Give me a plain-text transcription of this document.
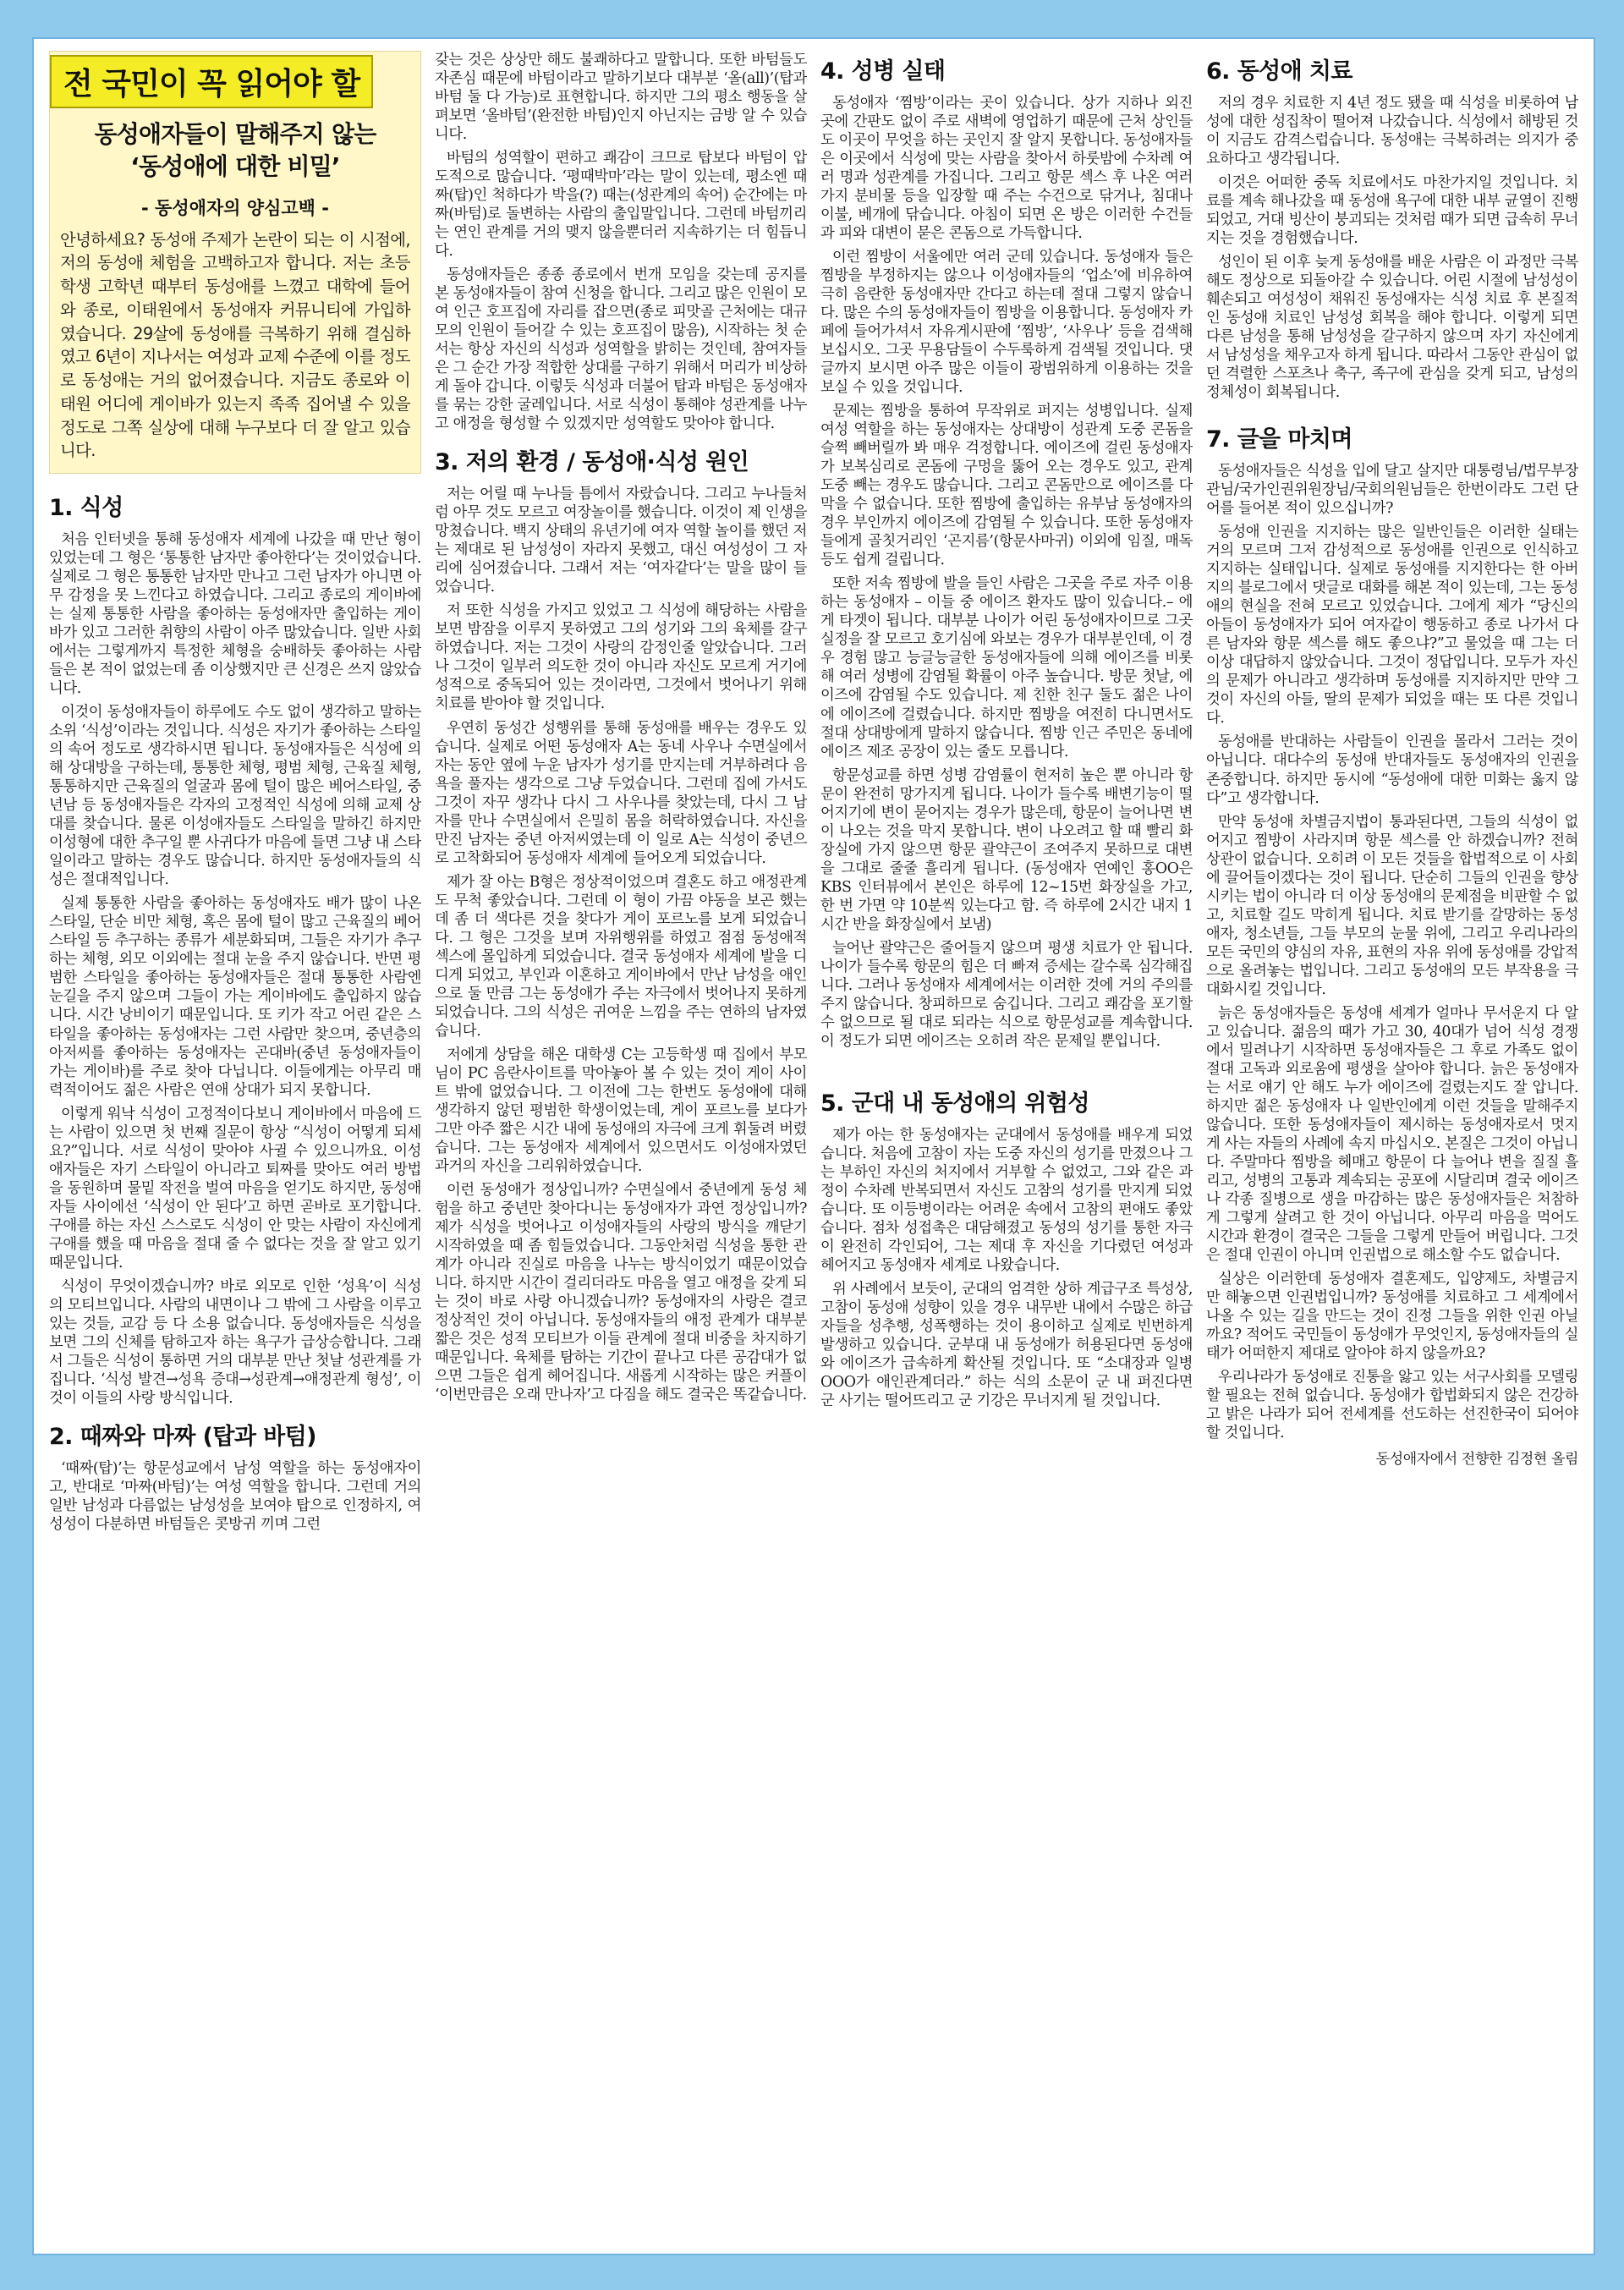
전 국민이 꼭 읽어야 할
동성애자들이 말해주지 않는
‘동성애에 대한 비밀’
- 동성애자의 양심고백 -
안녕하세요? 동성애 주제가 논란이 되는 이 시점에, 저의 동성애 체험을 고백하고자 합니다. 저는 초등학생 고학년 때부터 동성애를 느꼈고 대학에 들어와 종로, 이태원에서 동성애자 커뮤니티에 가입하였습니다. 29살에 동성애를 극복하기 위해 결심하였고 6년이 지나서는 여성과 교제 수준에 이를 정도로 동성애는 거의 없어졌습니다. 지금도 종로와 이태원 어디에 게이바가 있는지 족족 집어낼 수 있을 정도로 그쪽 실상에 대해 누구보다 더 잘 알고 있습니다.
1. 식성

처음 인터넷을 통해 동성애자 세계에 나갔을 때 만난 형이 있었는데 그 형은 ‘통통한 남자만 좋아한다’는 것이었습니다. 실제로 그 형은 통통한 남자만 만나고 그런 남자가 아니면 아무 감정을 못 느낀다고 하였습니다. 그리고 종로의 게이바에는 실제 통통한 사람을 좋아하는 동성애자만 출입하는 게이바가 있고 그러한 취향의 사람이 아주 많았습니다. 일반 사회에서는 그렇게까지 특정한 체형을 숭배하듯 좋아하는 사람들은 본 적이 없었는데 좀 이상했지만 큰 신경은 쓰지 않았습니다.

이것이 동성애자들이 하루에도 수도 없이 생각하고 말하는 소위 ‘식성’이라는 것입니다. 식성은 자기가 좋아하는 스타일의 속어 정도로 생각하시면 됩니다. 동성애자들은 식성에 의해 상대방을 구하는데, 통통한 체형, 평범 체형, 근육질 체형, 통통하지만 근육질의 얼굴과 몸에 털이 많은 베어스타일, 중년남 등 동성애자들은 각자의 고정적인 식성에 의해 교제 상대를 찾습니다. 물론 이성애자들도 스타일을 말하긴 하지만 이성형에 대한 추구일 뿐 사귀다가 마음에 들면 그냥 내 스타일이라고 말하는 경우도 많습니다. 하지만 동성애자들의 식성은 절대적입니다.

실제 통통한 사람을 좋아하는 동성애자도 배가 많이 나온 스타일, 단순 비만 체형, 혹은 몸에 털이 많고 근육질의 베어스타일 등 추구하는 종류가 세분화되며, 그들은 자기가 추구하는 체형, 외모 이외에는 절대 눈을 주지 않습니다. 반면 평범한 스타일을 좋아하는 동성애자들은 절대 통통한 사람엔 눈길을 주지 않으며 그들이 가는 게이바에도 출입하지 않습니다. 시간 낭비이기 때문입니다. 또 키가 작고 어린 같은 스타일을 좋아하는 동성애자는 그런 사람만 찾으며, 중년층의 아저씨를 좋아하는 동성애자는 곤대바(중년 동성애자들이 가는 게이바)를 주로 찾아 다닙니다. 이들에게는 아무리 매력적이어도 젊은 사람은 연애 상대가 되지 못합니다.

이렇게 워낙 식성이 고정적이다보니 게이바에서 마음에 드는 사람이 있으면 첫 번째 질문이 항상 “식성이 어떻게 되세요?”입니다. 서로 식성이 맞아야 사귈 수 있으니까요. 이성애자들은 자기 스타일이 아니라고 퇴짜를 맞아도 여러 방법을 동원하며 물밑 작전을 벌여 마음을 얻기도 하지만, 동성애자들 사이에선 ‘식성이 안 된다’고 하면 곧바로 포기합니다. 구애를 하는 자신 스스로도 식성이 안 맞는 사람이 자신에게 구애를 했을 때 마음을 절대 줄 수 없다는 것을 잘 알고 있기 때문입니다.

식성이 무엇이겠습니까? 바로 외모로 인한 ‘성욕’이 식성의 모티브입니다. 사람의 내면이나 그 밖에 그 사람을 이루고 있는 것들, 교감 등 다 소용 없습니다. 동성애자들은 식성을 보면 그의 신체를 탐하고자 하는 욕구가 급상승합니다. 그래서 그들은 식성이 통하면 거의 대부분 만난 첫날 성관계를 가집니다. ‘식성 발견→성욕 증대→성관계→애정관계 형성’, 이것이 이들의 사랑 방식입니다.

2. 때짜와 마짜 (탑과 바텀)

‘때짜(탑)’는 항문성교에서 남성 역할을 하는 동성애자이고, 반대로 ‘마짜(바텀)’는 여성 역할을 합니다. 그런데 거의 일반 남성과 다름없는 남성성을 보여야 탑으로 인정하지, 여성성이 다분하면 바텀들은 콧방귀 끼며 그런

갖는 것은 상상만 해도 불쾌하다고 말합니다. 또한 바텀들도 자존심 때문에 바텀이라고 말하기보다 대부분 ‘올(all)’(탑과 바텀 둘 다 가능)로 표현합니다. 하지만 그의 평소 행동을 살펴보면 ‘올바텀’(완전한 바텀)인지 아닌지는 금방 알 수 있습니다.

바텀의 성역할이 편하고 쾌감이 크므로 탑보다 바텀이 압도적으로 많습니다. ‘평때박마’라는 말이 있는데, 평소엔 때짜(탑)인 척하다가 박을(?) 때는(성관계의 속어) 순간에는 마짜(바텀)로 돌변하는 사람의 출입말입니다. 그런데 바텀끼리는 연인 관계를 거의 맺지 않을뿐더러 지속하기는 더 힘듭니다.

동성애자들은 종종 종로에서 번개 모임을 갖는데 공지를 본 동성애자들이 참여 신청을 합니다. 그리고 많은 인원이 모여 인근 호프집에 자리를 잡으면(종로 피맛골 근처에는 대규모의 인원이 들어갈 수 있는 호프집이 많음), 시작하는 첫 순서는 항상 자신의 식성과 성역할을 밝히는 것인데, 참여자들은 그 순간 가장 적합한 상대를 구하기 위해서 머리가 비상하게 돌아 갑니다. 이렇듯 식성과 더불어 탑과 바텀은 동성애자를 묶는 강한 굴레입니다. 서로 식성이 통해야 성관계를 나누고 애정을 형성할 수 있겠지만 성역할도 맞아야 합니다.

3. 저의 환경 / 동성애·식성 원인

저는 어릴 때 누나들 틈에서 자랐습니다. 그리고 누나들처럼 아무 것도 모르고 여장놀이를 했습니다. 이것이 제 인생을 망쳤습니다. 백지 상태의 유년기에 여자 역할 놀이를 했던 저는 제대로 된 남성성이 자라지 못했고, 대신 여성성이 그 자리에 심어졌습니다. 그래서 저는 ‘여자같다’는 말을 많이 들었습니다.

저 또한 식성을 가지고 있었고 그 식성에 해당하는 사람을 보면 밤잠을 이루지 못하였고 그의 성기와 그의 육체를 갈구하였습니다. 저는 그것이 사랑의 감정인줄 알았습니다. 그러나 그것이 일부러 의도한 것이 아니라 자신도 모르게 거기에 성적으로 중독되어 있는 것이라면, 그것에서 벗어나기 위해 치료를 받아야 할 것입니다.

우연히 동성간 성행위를 통해 동성애를 배우는 경우도 있습니다. 실제로 어떤 동성애자 A는 동네 사우나 수면실에서 자는 동안 옆에 누운 남자가 성기를 만지는데 거부하려다 음욕을 풀자는 생각으로 그냥 두었습니다. 그런데 집에 가서도 그것이 자꾸 생각나 다시 그 사우나를 찾았는데, 다시 그 남자를 만나 수면실에서 은밀히 몸을 허락하였습니다. 자신을 만진 남자는 중년 아저씨였는데 이 일로 A는 식성이 중년으로 고착화되어 동성애자 세계에 들어오게 되었습니다.

제가 잘 아는 B형은 정상적이었으며 결혼도 하고 애정관계도 무척 좋았습니다. 그런데 이 형이 가끔 야동을 보곤 했는데 좀 더 색다른 것을 찾다가 게이 포르노를 보게 되었습니다. 그 형은 그것을 보며 자위행위를 하였고 점점 동성애적 섹스에 몰입하게 되었습니다. 결국 동성애자 세계에 발을 디디게 되었고, 부인과 이혼하고 게이바에서 만난 남성을 애인으로 둘 만큼 그는 동성애가 주는 자극에서 벗어나지 못하게 되었습니다. 그의 식성은 귀여운 느낌을 주는 연하의 남자였습니다.

저에게 상담을 해온 대학생 C는 고등학생 때 집에서 부모님이 PC 음란사이트를 막아놓아 볼 수 있는 것이 게이 사이트 밖에 없었습니다. 그 이전에 그는 한번도 동성애에 대해 생각하지 않던 평범한 학생이었는데, 게이 포르노를 보다가 그만 아주 짧은 시간 내에 동성애의 자극에 크게 휘둘려 버렸습니다. 그는 동성애자 세계에서 있으면서도 이성애자였던 과거의 자신을 그리워하였습니다.

이런 동성애가 정상입니까? 수면실에서 중년에게 동성 체험을 하고 중년만 찾아다니는 동성애자가 과연 정상입니까? 제가 식성을 벗어나고 이성애자들의 사랑의 방식을 깨닫기 시작하였을 때 좀 힘들었습니다. 그동안처럼 식성을 통한 관계가 아니라 진실로 마음을 나누는 방식이었기 때문이었습니다. 하지만 시간이 걸리더라도 마음을 열고 애정을 갖게 되는 것이 바로 사랑 아니겠습니까? 동성애자의 사랑은 결코 정상적인 것이 아닙니다. 동성애자들의 애정 관계가 대부분 짧은 것은 성적 모티브가 이들 관계에 절대 비중을 차지하기 때문입니다. 육체를 탐하는 기간이 끝나고 다른 공감대가 없으면 그들은 쉽게 헤어집니다. 새롭게 시작하는 많은 커플이 ‘이번만큼은 오래 만나자’고 다짐을 해도 결국은 똑같습니다.

4. 성병 실태

동성애자 ‘찜방’이라는 곳이 있습니다. 상가 지하나 외진 곳에 간판도 없이 주로 새벽에 영업하기 때문에 근처 상인들도 이곳이 무엇을 하는 곳인지 잘 알지 못합니다. 동성애자들은 이곳에서 식성에 맞는 사람을 찾아서 하룻밤에 수차례 여러 명과 성관계를 가집니다. 그리고 항문 섹스 후 나온 여러 가지 분비물 등을 입장할 때 주는 수건으로 닦거나, 침대나 이불, 베개에 닦습니다. 아침이 되면 온 방은 이러한 수건들과 피와 대변이 묻은 콘돔으로 가득합니다.

이런 찜방이 서울에만 여러 군데 있습니다. 동성애자 들은 찜방을 부정하지는 않으나 이성애자들의 ‘업소’에 비유하여 극히 음란한 동성애자만 간다고 하는데 절대 그렇지 않습니다. 많은 수의 동성애자들이 찜방을 이용합니다. 동성애자 카페에 들어가셔서 자유게시판에 ‘찜방’, ‘사우나’ 등을 검색해 보십시오. 그곳 무용담들이 수두룩하게 검색될 것입니다. 댓글까지 보시면 아주 많은 이들이 광범위하게 이용하는 것을 보실 수 있을 것입니다.

문제는 찜방을 통하여 무작위로 퍼지는 성병입니다. 실제 여성 역할을 하는 동성애자는 상대방이 성관계 도중 콘돔을 슬쩍 빼버릴까 봐 매우 걱정합니다. 에이즈에 걸린 동성애자가 보복심리로 콘돔에 구멍을 뚫어 오는 경우도 있고, 관계 도중 빼는 경우도 많습니다. 그리고 콘돔만으로 에이즈를 다 막을 수 없습니다. 또한 찜방에 출입하는 유부남 동성애자의 경우 부인까지 에이즈에 감염될 수 있습니다. 또한 동성애자들에게 골칫거리인 ‘곤지름’(항문사마귀) 이외에 임질, 매독 등도 쉽게 걸립니다.

또한 저속 찜방에 발을 들인 사람은 그곳을 주로 자주 이용하는 동성애자 – 이들 중 에이즈 환자도 많이 있습니다.– 에게 타겟이 됩니다. 대부분 나이가 어린 동성애자이므로 그곳 실정을 잘 모르고 호기심에 와보는 경우가 대부분인데, 이 경우 경험 많고 능글능글한 동성애자들에 의해 에이즈를 비롯해 여러 성병에 감염될 확률이 아주 높습니다. 방문 첫날, 에이즈에 감염될 수도 있습니다. 제 친한 친구 둘도 젊은 나이에 에이즈에 걸렸습니다. 하지만 찜방을 여전히 다니면서도 절대 상대방에게 말하지 않습니다. 찜방 인근 주민은 동네에 에이즈 제조 공장이 있는 줄도 모릅니다.

항문성교를 하면 성병 감염률이 현저히 높은 뿐 아니라 항문이 완전히 망가지게 됩니다. 나이가 들수록 배변기능이 떨어지기에 변이 묻어지는 경우가 많은데, 항문이 늘어나면 변이 나오는 것을 막지 못합니다. 변이 나오려고 할 때 빨리 화장실에 가지 않으면 항문 괄약근이 조여주지 못하므로 대변을 그대로 줄줄 흘리게 됩니다. (동성애자 연예인 홍OO은 KBS 인터뷰에서 본인은 하루에 12~15번 화장실을 가고, 한 번 가면 약 10분씩 있는다고 함. 즉 하루에 2시간 내지 1시간 반을 화장실에서 보냄)

늘어난 괄약근은 줄어들지 않으며 평생 치료가 안 됩니다. 나이가 들수록 항문의 힘은 더 빠져 증세는 갈수록 심각해집니다. 그러나 동성애자 세계에서는 이러한 것에 거의 주의를 주지 않습니다. 창피하므로 숨깁니다. 그리고 쾌감을 포기할 수 없으므로 될 대로 되라는 식으로 항문성교를 계속합니다. 이 정도가 되면 에이즈는 오히려 작은 문제일 뿐입니다.

5. 군대 내 동성애의 위험성

제가 아는 한 동성애자는 군대에서 동성애를 배우게 되었습니다. 처음에 고참이 자는 도중 자신의 성기를 만졌으나 그는 부하인 자신의 처지에서 거부할 수 없었고, 그와 같은 과정이 수차례 반복되면서 자신도 고참의 성기를 만지게 되었습니다. 또 이등병이라는 어려운 속에서 고참의 편애도 좋았습니다. 점차 성접촉은 대담해졌고 동성의 성기를 통한 자극이 완전히 각인되어, 그는 제대 후 자신을 기다렸던 여성과 헤어지고 동성애자 세계로 나왔습니다.

위 사례에서 보듯이, 군대의 엄격한 상하 계급구조 특성상, 고참이 동성애 성향이 있을 경우 내무반 내에서 수많은 하급자들을 성추행, 성폭행하는 것이 용이하고 실제로 빈번하게 발생하고 있습니다. 군부대 내 동성애가 허용된다면 동성애와 에이즈가 급속하게 확산될 것입니다. 또 “소대장과 일병 OOO가 애인관계더라.” 하는 식의 소문이 군 내 퍼진다면 군 사기는 떨어뜨리고 군 기강은 무너지게 될 것입니다.

6. 동성애 치료

저의 경우 치료한 지 4년 정도 됐을 때 식성을 비롯하여 남성에 대한 성집착이 떨어져 나갔습니다. 식성에서 해방된 것이 지금도 감격스럽습니다. 동성애는 극복하려는 의지가 중요하다고 생각됩니다.

이것은 어떠한 중독 치료에서도 마찬가지일 것입니다. 치료를 계속 해나갔을 때 동성애 욕구에 대한 내부 균열이 진행되었고, 거대 빙산이 붕괴되는 것처럼 때가 되면 급속히 무너지는 것을 경험했습니다.

성인이 된 이후 늦게 동성애를 배운 사람은 이 과정만 극복해도 정상으로 되돌아갈 수 있습니다. 어린 시절에 남성성이 훼손되고 여성성이 채워진 동성애자는 식성 치료 후 본질적인 동성애 치료인 남성성 회복을 해야 합니다. 이렇게 되면 다른 남성을 통해 남성성을 갈구하지 않으며 자기 자신에게서 남성성을 채우고자 하게 됩니다. 따라서 그동안 관심이 없던 격렬한 스포츠나 축구, 족구에 관심을 갖게 되고, 남성의 정체성이 회복됩니다.

7. 글을 마치며

동성애자들은 식성을 입에 달고 살지만 대통령님/법무부장관님/국가인권위원장님/국회의원님들은 한번이라도 그런 단어를 들어본 적이 있으십니까?

동성애 인권을 지지하는 많은 일반인들은 이러한 실태는 거의 모르며 그저 감성적으로 동성애를 인권으로 인식하고 지지하는 실태입니다. 실제로 동성애를 지지한다는 한 아버지의 블로그에서 댓글로 대화를 해본 적이 있는데, 그는 동성애의 현실을 전혀 모르고 있었습니다. 그에게 제가 “당신의 아들이 동성애자가 되어 여자같이 행동하고 종로 나가서 다른 남자와 항문 섹스를 해도 좋으냐?”고 물었을 때 그는 더 이상 대답하지 않았습니다. 그것이 정답입니다. 모두가 자신의 문제가 아니라고 생각하며 동성애를 지지하지만 만약 그것이 자신의 아들, 딸의 문제가 되었을 때는 또 다른 것입니다.

동성애를 반대하는 사람들이 인권을 몰라서 그러는 것이 아닙니다. 대다수의 동성애 반대자들도 동성애자의 인권을 존중합니다. 하지만 동시에 “동성애에 대한 미화는 옳지 않다”고 생각합니다.

만약 동성애 차별금지법이 통과된다면, 그들의 식성이 없어지고 찜방이 사라지며 항문 섹스를 안 하겠습니까? 전혀 상관이 없습니다. 오히려 이 모든 것들을 합법적으로 이 사회에 끌어들이겠다는 것이 됩니다. 단순히 그들의 인권을 향상시키는 법이 아니라 더 이상 동성애의 문제점을 비판할 수 없고, 치료할 길도 막히게 됩니다. 치료 받기를 갈망하는 동성애자, 청소년들, 그들 부모의 눈물 위에, 그리고 우리나라의 모든 국민의 양심의 자유, 표현의 자유 위에 동성애를 강압적으로 올려놓는 법입니다. 그리고 동성애의 모든 부작용을 극대화시킬 것입니다.

늙은 동성애자들은 동성애 세계가 얼마나 무서운지 다 알고 있습니다. 젊음의 때가 가고 30, 40대가 넘어 식성 경쟁에서 밀려나기 시작하면 동성애자들은 그 후로 가족도 없이 절대 고독과 외로움에 평생을 살아야 합니다. 늙은 동성애자는 서로 얘기 안 해도 누가 에이즈에 걸렸는지도 잘 압니다. 하지만 젊은 동성애자 나 일반인에게 이런 것들을 말해주지 않습니다. 또한 동성애자들이 제시하는 동성애자로서 멋지게 사는 자들의 사례에 속지 마십시오. 본질은 그것이 아닙니다. 주말마다 찜방을 헤매고 항문이 다 늘어나 변을 질질 흘리고, 성병의 고통과 계속되는 공포에 시달리며 결국 에이즈나 각종 질병으로 생을 마감하는 많은 동성애자들은 처참하게 그렇게 살려고 한 것이 아닙니다. 아무리 마음을 먹어도 시간과 환경이 결국은 그들을 그렇게 만들어 버립니다. 그것은 절대 인권이 아니며 인권법으로 해소할 수도 없습니다.

실상은 이러한데 동성애자 결혼제도, 입양제도, 차별금지 만 해놓으면 인권법입니까? 동성애를 치료하고 그 세계에서 나올 수 있는 길을 만드는 것이 진정 그들을 위한 인권 아닐까요? 적어도 국민들이 동성애가 무엇인지, 동성애자들의 실태가 어떠한지 제대로 알아야 하지 않을까요?

우리나라가 동성애로 진통을 앓고 있는 서구사회를 모델링할 필요는 전혀 없습니다. 동성애가 합법화되지 않은 건강하고 밝은 나라가 되어 전세계를 선도하는 선진한국이 되어야 할 것입니다.

동성애자에서 전향한 김정현 올림
